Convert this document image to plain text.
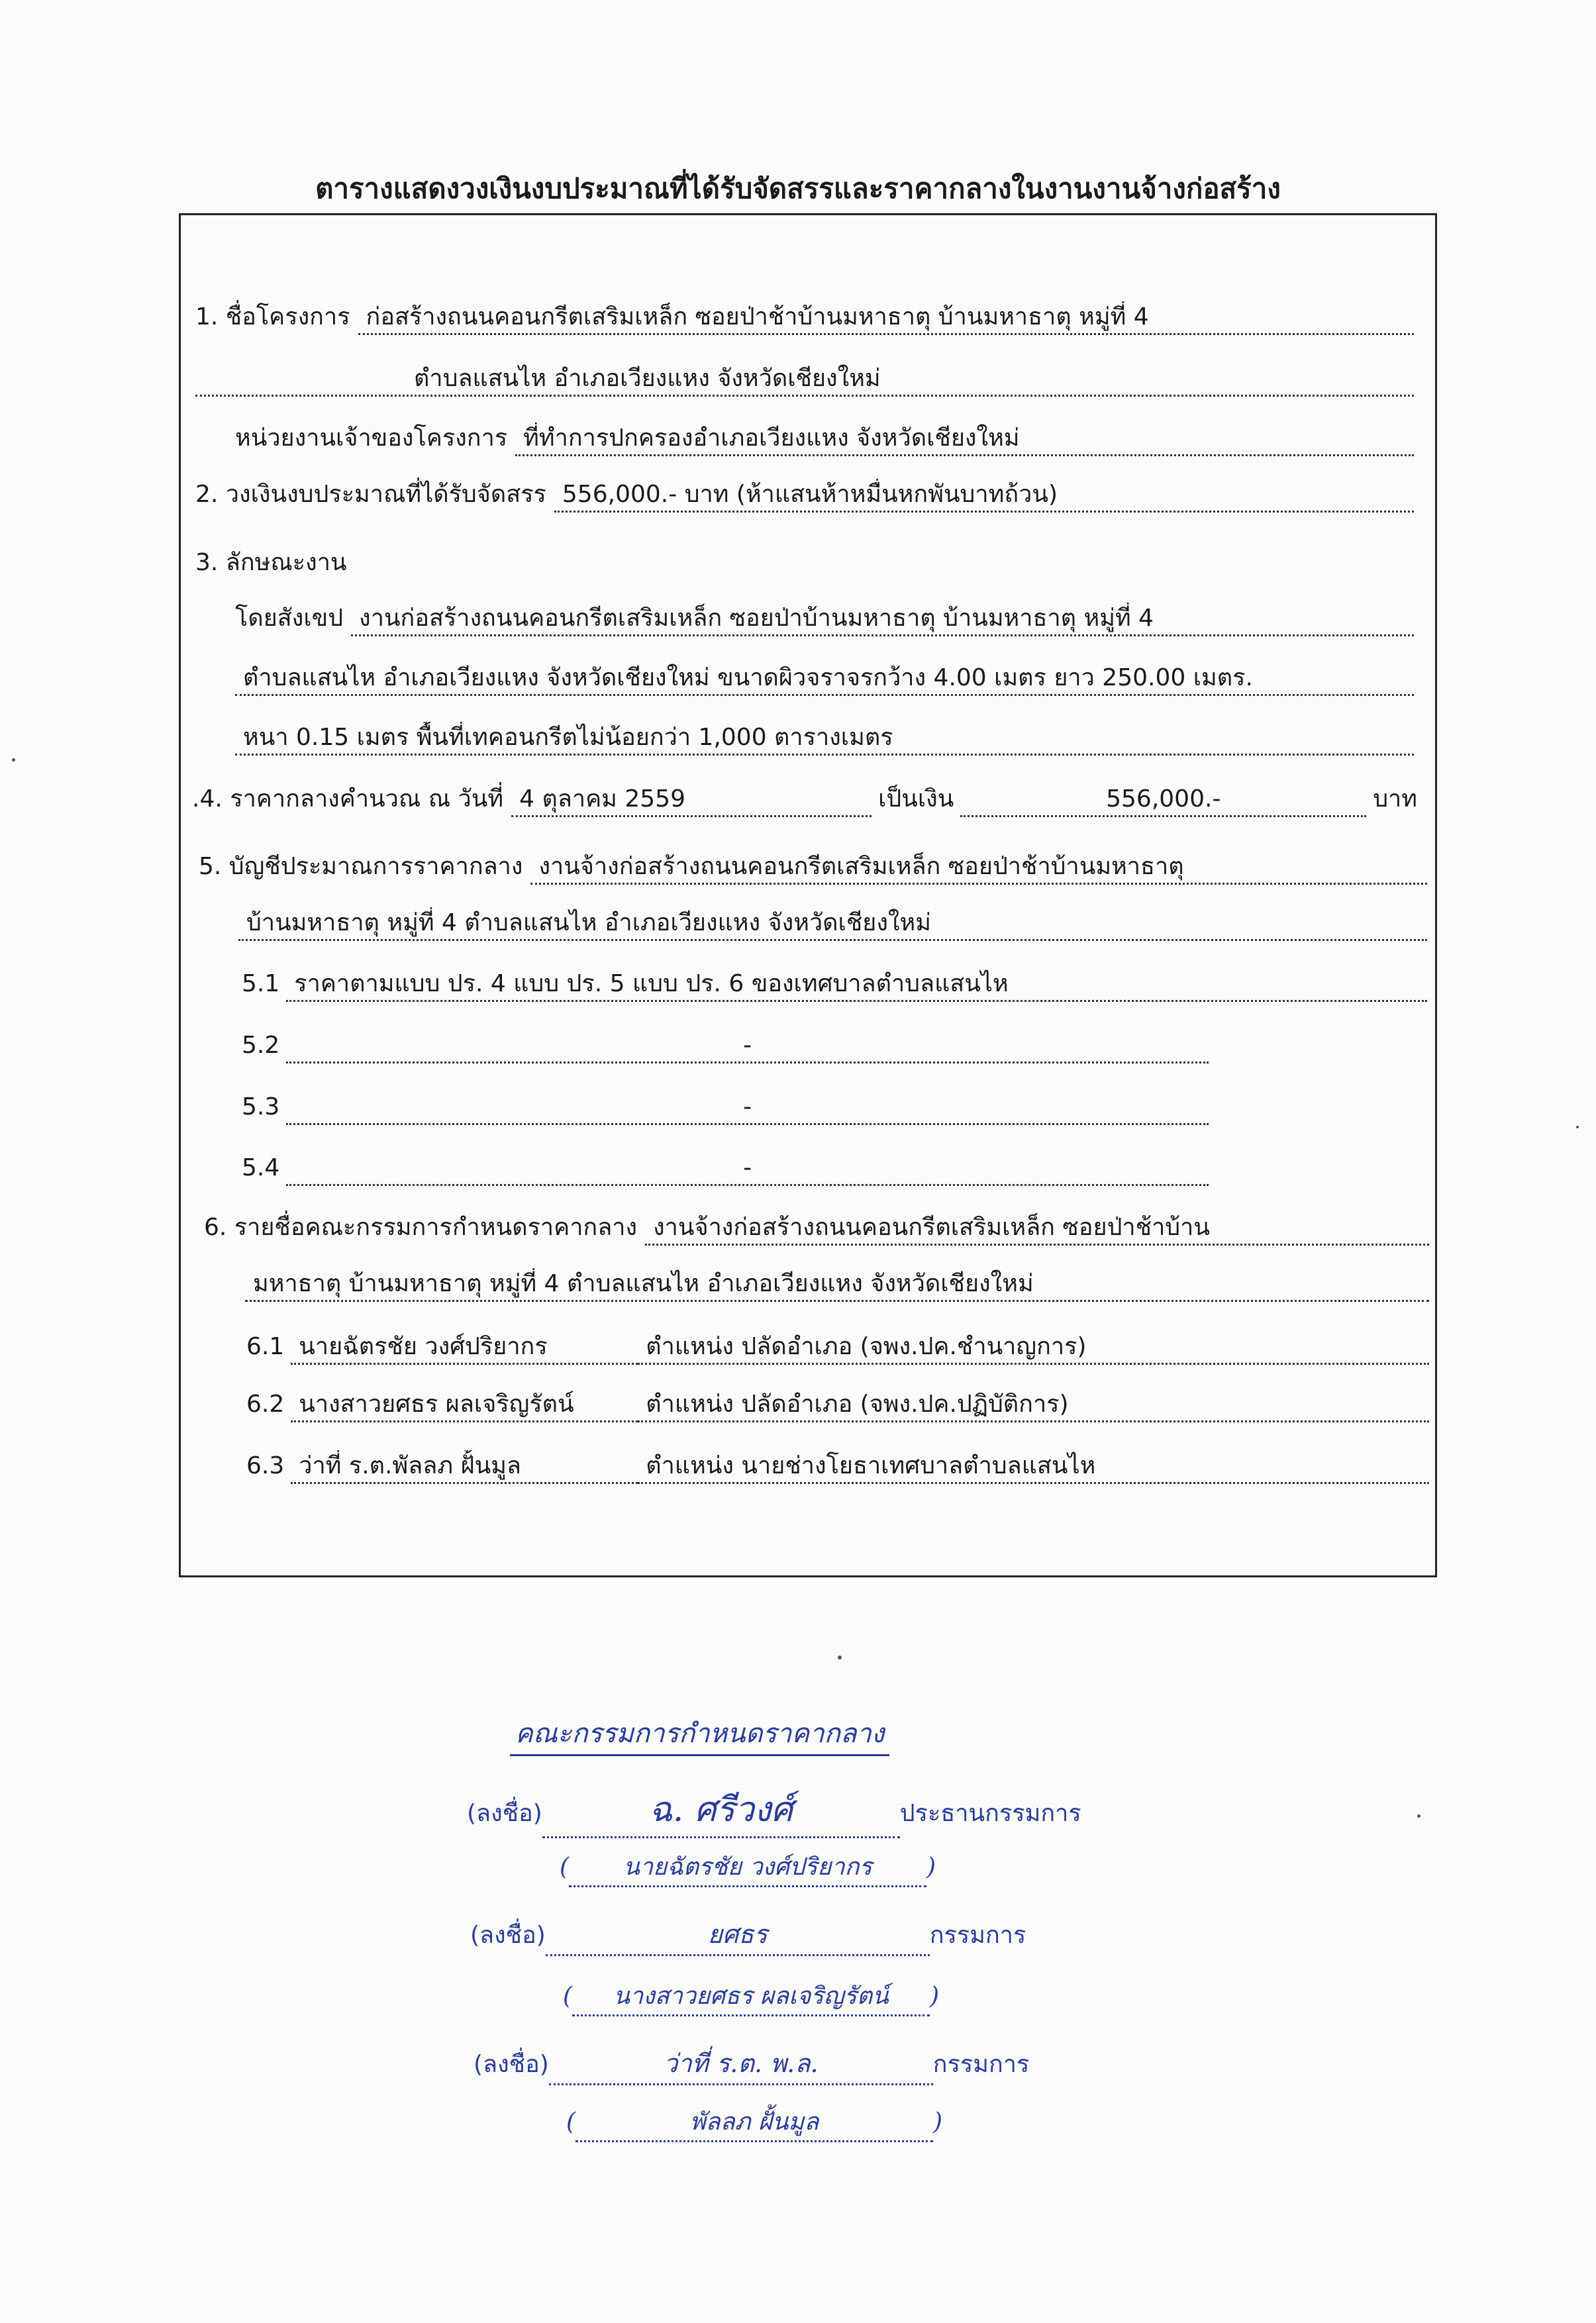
ตารางแสดงวงเงินงบประมาณที่ได้รับจัดสรรและราคากลางในงานงานจ้างก่อสร้าง
1. ชื่อโครงการ ก่อสร้างถนนคอนกรีตเสริมเหล็ก ซอยป่าช้าบ้านมหาธาตุ บ้านมหาธาตุ หมู่ที่ 4
ตำบลแสนไห อำเภอเวียงแหง จังหวัดเชียงใหม่
หน่วยงานเจ้าของโครงการ ที่ทำการปกครองอำเภอเวียงแหง จังหวัดเชียงใหม่
2. วงเงินงบประมาณที่ได้รับจัดสรร 556,000.- บาท (ห้าแสนห้าหมื่นหกพันบาทถ้วน)
3. ลักษณะงาน
โดยสังเขป งานก่อสร้างถนนคอนกรีตเสริมเหล็ก ซอยป่าบ้านมหาธาตุ บ้านมหาธาตุ หมู่ที่ 4
ตำบลแสนไห อำเภอเวียงแหง จังหวัดเชียงใหม่ ขนาดผิวจราจรกว้าง 4.00 เมตร ยาว 250.00 เมตร.
หนา 0.15 เมตร พื้นที่เทคอนกรีตไม่น้อยกว่า 1,000 ตารางเมตร
.4. ราคากลางคำนวณ ณ วันที่ 4 ตุลาคม 2559	เป็นเงิน	556,000.-	บาท
5. บัญชีประมาณการราคากลาง งานจ้างก่อสร้างถนนคอนกรีตเสริมเหล็ก ซอยป่าช้าบ้านมหาธาตุ
บ้านมหาธาตุ หมู่ที่ 4 ตำบลแสนไห อำเภอเวียงแหง จังหวัดเชียงใหม่
5.1 ราคาตามแบบ ปร. 4 แบบ ปร. 5 แบบ ปร. 6 ของเทศบาลตำบลแสนไห
5.2	-
5.3	-
5.4	-
6. รายชื่อคณะกรรมการกำหนดราคากลาง งานจ้างก่อสร้างถนนคอนกรีตเสริมเหล็ก ซอยป่าช้าบ้าน
มหาธาตุ บ้านมหาธาตุ หมู่ที่ 4 ตำบลแสนไห อำเภอเวียงแหง จังหวัดเชียงใหม่
6.1 นายฉัตรชัย วงศ์ปริยากร	ตำแหน่ง ปลัดอำเภอ (จพง.ปค.ชำนาญการ)
6.2 นางสาวยศธร ผลเจริญรัตน์	ตำแหน่ง ปลัดอำเภอ (จพง.ปค.ปฏิบัติการ)
6.3 ว่าที่ ร.ต.พัลลภ ฝั้นมูล	ตำแหน่ง นายช่างโยธาเทศบาลตำบลแสนไห
คณะกรรมการกำหนดราคากลาง
(ลงชื่อ)	ฉ. ศรีวงศ์	ประธานกรรมการ
( นายฉัตรชัย วงศ์ปริยากร )
(ลงชื่อ)	ยศธร	กรรมการ
( นางสาวยศธร ผลเจริญรัตน์ )
(ลงชื่อ)	ว่าที่ ร.ต. พ.ล.	กรรมการ
(	พัลลภ ฝั้นมูล	)
